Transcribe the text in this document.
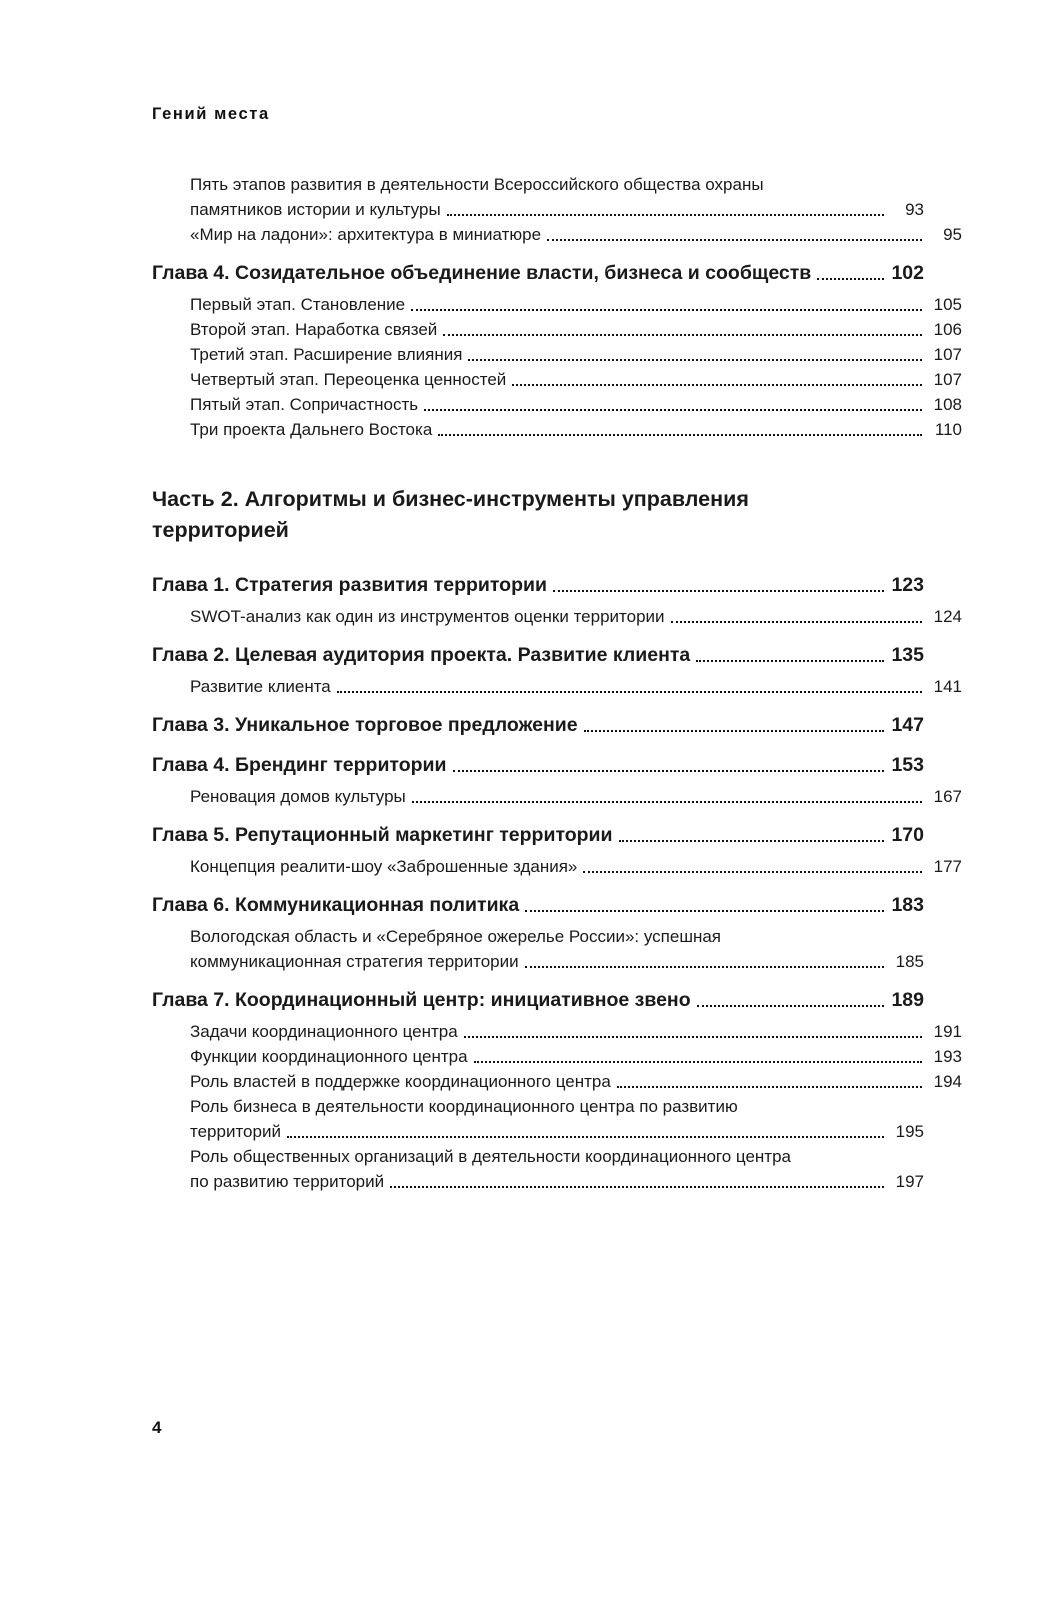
Гений места
Пять этапов развития в деятельности Всероссийского общества охраны
памятников истории и культуры	93
«Мир на ладони»: архитектура в миниатюре	95
Глава 4. Созидательное объединение власти, бизнеса и сообществ	102
Первый этап. Становление	105
Второй этап. Наработка связей	106
Третий этап. Расширение влияния	107
Четвертый этап. Переоценка ценностей	107
Пятый этап. Сопричастность	108
Три проекта Дальнего Востока	110
Часть 2. Алгоритмы и бизнес-инструменты управления территорией
Глава 1. Стратегия развития территории	123
SWOT-анализ как один из инструментов оценки территории	124
Глава 2. Целевая аудитория проекта. Развитие клиента	135
Развитие клиента	141
Глава 3. Уникальное торговое предложение	147
Глава 4. Брендинг территории	153
Реновация домов культуры	167
Глава 5. Репутационный маркетинг территории	170
Концепция реалити-шоу «Заброшенные здания»	177
Глава 6. Коммуникационная политика	183
Вологодская область и «Серебряное ожерелье России»: успешная
коммуникационная стратегия территории	185
Глава 7. Координационный центр: инициативное звено	189
Задачи координационного центра	191
Функции координационного центра	193
Роль властей в поддержке координационного центра	194
Роль бизнеса в деятельности координационного центра по развитию
территорий	195
Роль общественных организаций в деятельности координационного центра
по развитию территорий	197
4
